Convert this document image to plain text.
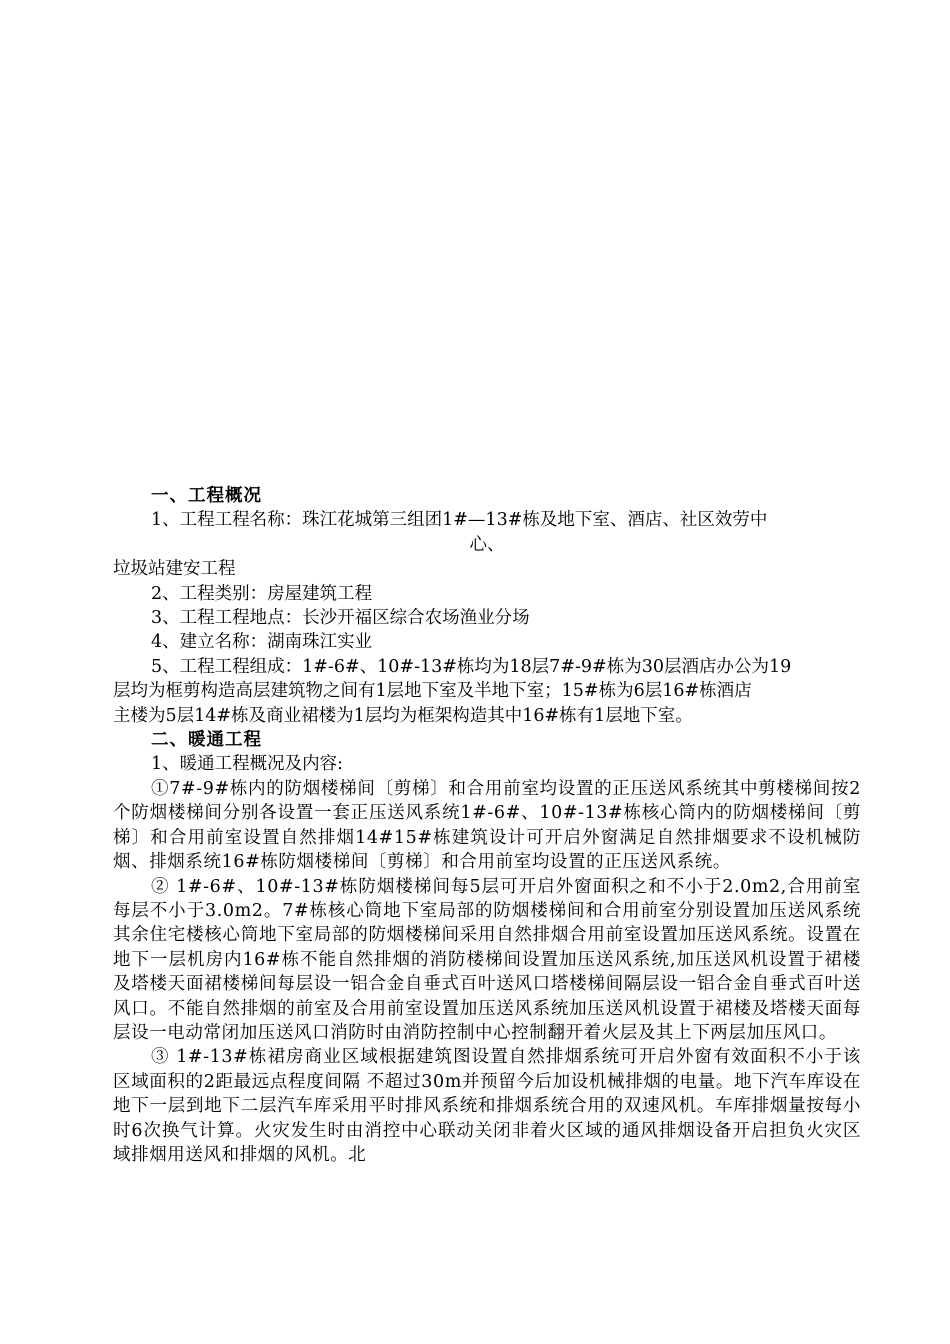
一、工程概况

1、工程工程名称：珠江花城第三组团1#—13#栋及地下室、酒店、社区效劳中

心、

垃圾站建安工程

2、工程类别：房屋建筑工程

3、工程工程地点：长沙开福区综合农场渔业分场

4、建立名称：湖南珠江实业

5、工程工程组成：1#-6#、10#-13#栋均为18层7#-9#栋为30层酒店办公为19

层均为框剪构造高层建筑物之间有1层地下室及半地下室；15#栋为6层16#栋酒店

主楼为5层14#栋及商业裙楼为1层均为框架构造其中16#栋有1层地下室。

二、暖通工程

1、暖通工程概况及内容:

①7#-9#栋内的防烟楼梯间〔剪梯〕和合用前室均设置的正压送风系统其中剪楼梯间按2个防烟楼梯间分别各设置一套正压送风系统1#-6#、10#-13#栋核心筒内的防烟楼梯间〔剪梯〕和合用前室设置自然排烟14#15#栋建筑设计可开启外窗满足自然排烟要求不设机械防烟、排烟系统16#栋防烟楼梯间〔剪梯〕和合用前室均设置的正压送风系统。

② 1#-6#、10#-13#栋防烟楼梯间每5层可开启外窗面积之和不小于2.0m2,合用前室每层不小于3.0m2。7#栋核心筒地下室局部的防烟楼梯间和合用前室分别设置加压送风系统其余住宅楼核心筒地下室局部的防烟楼梯间采用自然排烟合用前室设置加压送风系统。设置在地下一层机房内16#栋不能自然排烟的消防楼梯间设置加压送风系统,加压送风机设置于裙楼及塔楼天面裙楼梯间每层设一铝合金自垂式百叶送风口塔楼梯间隔层设一铝合金自垂式百叶送风口。不能自然排烟的前室及合用前室设置加压送风系统加压送风机设置于裙楼及塔楼天面每层设一电动常闭加压送风口消防时由消防控制中心控制翻开着火层及其上下两层加压风口。

③ 1#-13#栋裙房商业区域根据建筑图设置自然排烟系统可开启外窗有效面积不小于该区域面积的2距最远点程度间隔 不超过30m并预留今后加设机械排烟的电量。地下汽车库设在地下一层到地下二层汽车库采用平时排风系统和排烟系统合用的双速风机。车库排烟量按每小时6次换气计算。火灾发生时由消控中心联动关闭非着火区域的通风排烟设备开启担负火灾区域排烟用送风和排烟的风机。北
